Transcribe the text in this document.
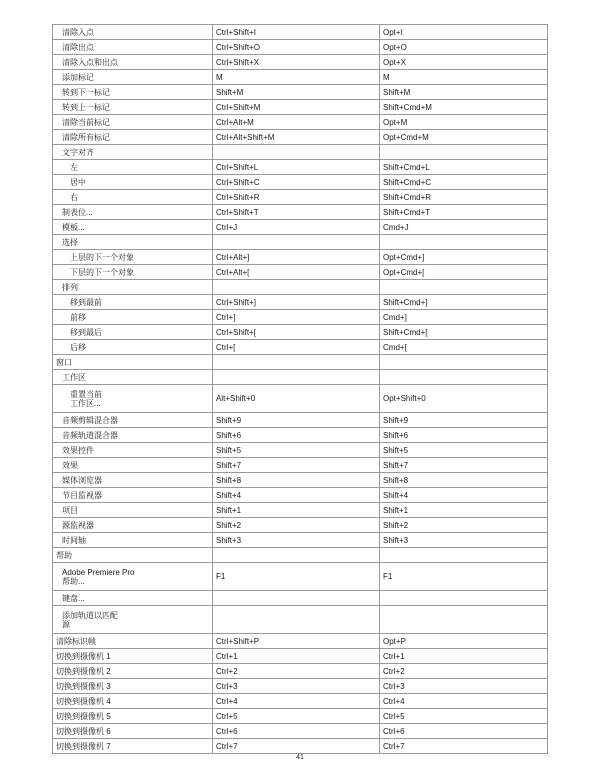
清除入点	Ctrl+Shift+I	Opt+I
清除出点	Ctrl+Shift+O	Opt+O
清除入点和出点	Ctrl+Shift+X	Opt+X
添加标记	M	M
转到下一标记	Shift+M	Shift+M
转到上一标记	Ctrl+Shift+M	Shift+Cmd+M
清除当前标记	Ctrl+Alt+M	Opt+M
清除所有标记	Ctrl+Alt+Shift+M	Opt+Cmd+M
文字对齐		
左	Ctrl+Shift+L	Shift+Cmd+L
居中	Ctrl+Shift+C	Shift+Cmd+C
右	Ctrl+Shift+R	Shift+Cmd+R
制表位...	Ctrl+Shift+T	Shift+Cmd+T
模板...	Ctrl+J	Cmd+J
选择		
上层的下一个对象	Ctrl+Alt+]	Opt+Cmd+]
下层的下一个对象	Ctrl+Alt+[	Opt+Cmd+[
排列		
移到最前	Ctrl+Shift+]	Shift+Cmd+]
前移	Ctrl+]	Cmd+]
移到最后	Ctrl+Shift+[	Shift+Cmd+[
后移	Ctrl+[	Cmd+[
窗口		
工作区		
重置当前
工作区...	Alt+Shift+0	Opt+Shift+0
音频剪辑混合器	Shift+9	Shift+9
音频轨道混合器	Shift+6	Shift+6
效果控件	Shift+5	Shift+5
效果	Shift+7	Shift+7
媒体浏览器	Shift+8	Shift+8
节目监视器	Shift+4	Shift+4
项目	Shift+1	Shift+1
源监视器	Shift+2	Shift+2
时间轴	Shift+3	Shift+3
帮助		
Adobe Premiere Pro
帮助...	F1	F1
键盘...		
添加轨道以匹配
源		
清除标识帧	Ctrl+Shift+P	Opt+P
切换到摄像机 1	Ctrl+1	Ctrl+1
切换到摄像机 2	Ctrl+2	Ctrl+2
切换到摄像机 3	Ctrl+3	Ctrl+3
切换到摄像机 4	Ctrl+4	Ctrl+4
切换到摄像机 5	Ctrl+5	Ctrl+5
切换到摄像机 6	Ctrl+6	Ctrl+6
切换到摄像机 7	Ctrl+7	Ctrl+7
41
